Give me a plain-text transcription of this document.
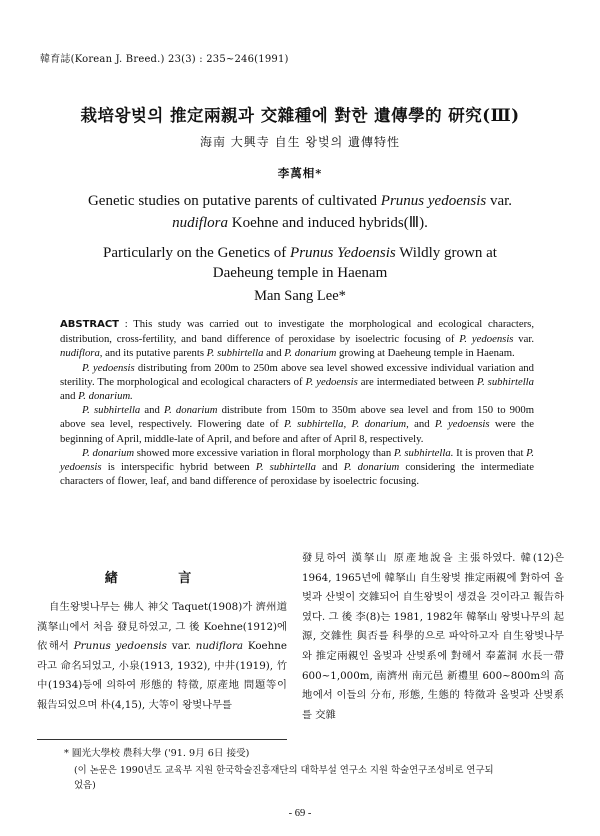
韓育誌(Korean J. Breed.) 23(3) : 235~246(1991)
栽培왕벚의 推定兩親과 交雜種에 對한 遺傳學的 研究(Ⅲ)
海南 大興寺 自生 왕벚의 遺傳特性
李萬相*
Genetic studies on putative parents of cultivated Prunus yedoensis var.
nudiflora Koehne and induced hybrids(Ⅲ).
Particularly on the Genetics of Prunus Yedoensis Wildly grown at
Daeheung temple in Haenam
Man Sang Lee*

ABSTRACT : This study was carried out to investigate the morphological and ecological characters, distribution, cross-fertility, and band difference of peroxidase by isoelectric focusing of P. yedoensis var. nudiflora, and its putative parents P. subhirtella and P. donarium growing at Daeheung temple in Haenam.

P. yedoensis distributing from 200m to 250m above sea level showed excessive individual variation and sterility. The morphological and ecological characters of P. yedoensis are intermediated between P. subhirtella and P. donarium.

P. subhirtella and P. donarium distribute from 150m to 350m above sea level and from 150 to 900m above sea level, respectively. Flowering date of P. subhirtella, P. donarium, and P. yedoensis were the beginning of April, middle-late of April, and before and after of April 8, respectively.

P. donarium showed more excessive variation in floral morphology than P. subhirtella. It is proven that P. yedoensis is interspecific hybrid between P. subhirtella and P. donarium considering the intermediate characters of flower, leaf, and band difference of peroxidase by isoelectric focusing.

緖 言

自生왕벚나무는 佛人 神父 Taquet(1908)가 濟州道 漢拏山에서 처음 發見하였고, 그 後 Koehne(1912)에 依해서 Prunus yedoensis var. nudiflora Koehne라고 命名되었고, 小泉(1913, 1932), 中井(1919), 竹中(1934)등에 의하여 形態的 特徵, 原產地 問題等이 報告되었으며 朴(4,15), 大等이 왕벚나무를

發見하여 漢拏山 原產地說을 主張하였다. 韓(12)은 1964, 1965년에 韓拏山 自生왕벚 推定兩親에 對하여 올벚과 산벚이 交雜되어 自生왕벚이 생겼을 것이라고 報告하였다. 그 後 李(8)는 1981, 1982年 韓拏山 왕벚나무의 起源, 交雜性 與否를 科學的으로 파악하고자 自生왕벚나무와 推定兩親인 올벚과 산벚系에 對해서 奉蓋洞 水長一帶 600~1,000m, 南濟州 南元邑 新禮里 600~800m의 高地에서 이들의 分布, 形態, 生態的 特徵과 올벚과 산벚系를 交雜
* 圓光大學校 農科大學 ('91. 9月 6日 接受)
(이 논문은 1990년도 교육부 지원 한국학술진흥재단의 대학부설 연구소 지원 학술연구조성비로 연구되었음)
- 69 -
